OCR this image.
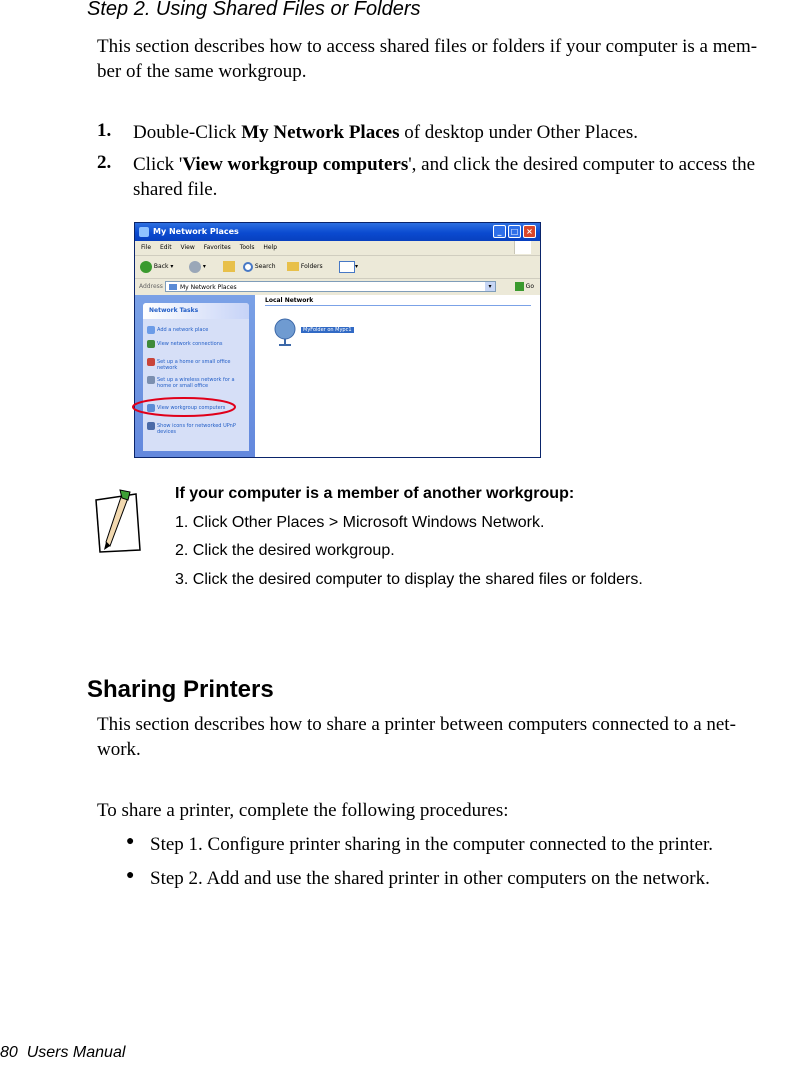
Step 2. Using Shared Files or Folders
This section describes how to access shared files or folders if your computer is a mem-
ber of the same workgroup.
1. Double-Click My Network Places of desktop under Other Places.
2. Click 'View workgroup computers', and click the desired computer to access the
shared file.
My Network Places	_	□ ×
File Edit View Favorites Tools Help
Back ▾	▾	Search	Folders	▾
Address	My Network Places	▾	Go
Network Tasks
Add a network place
View network connections
Set up a home or small office network
Set up a wireless network for a home or small office
View workgroup computers
Show icons for networked UPnP devices
Local Network
MyFolder on Mypc1
If your computer is a member of another workgroup:
1. Click Other Places > Microsoft Windows Network.
2. Click the desired workgroup.
3. Click the desired computer to display the shared files or folders.
Sharing Printers
This section describes how to share a printer between computers connected to a net-
work.
To share a printer, complete the following procedures:
● Step 1. Configure printer sharing in the computer connected to the printer.
● Step 2. Add and use the shared printer in other computers on the network.
80  Users Manual
